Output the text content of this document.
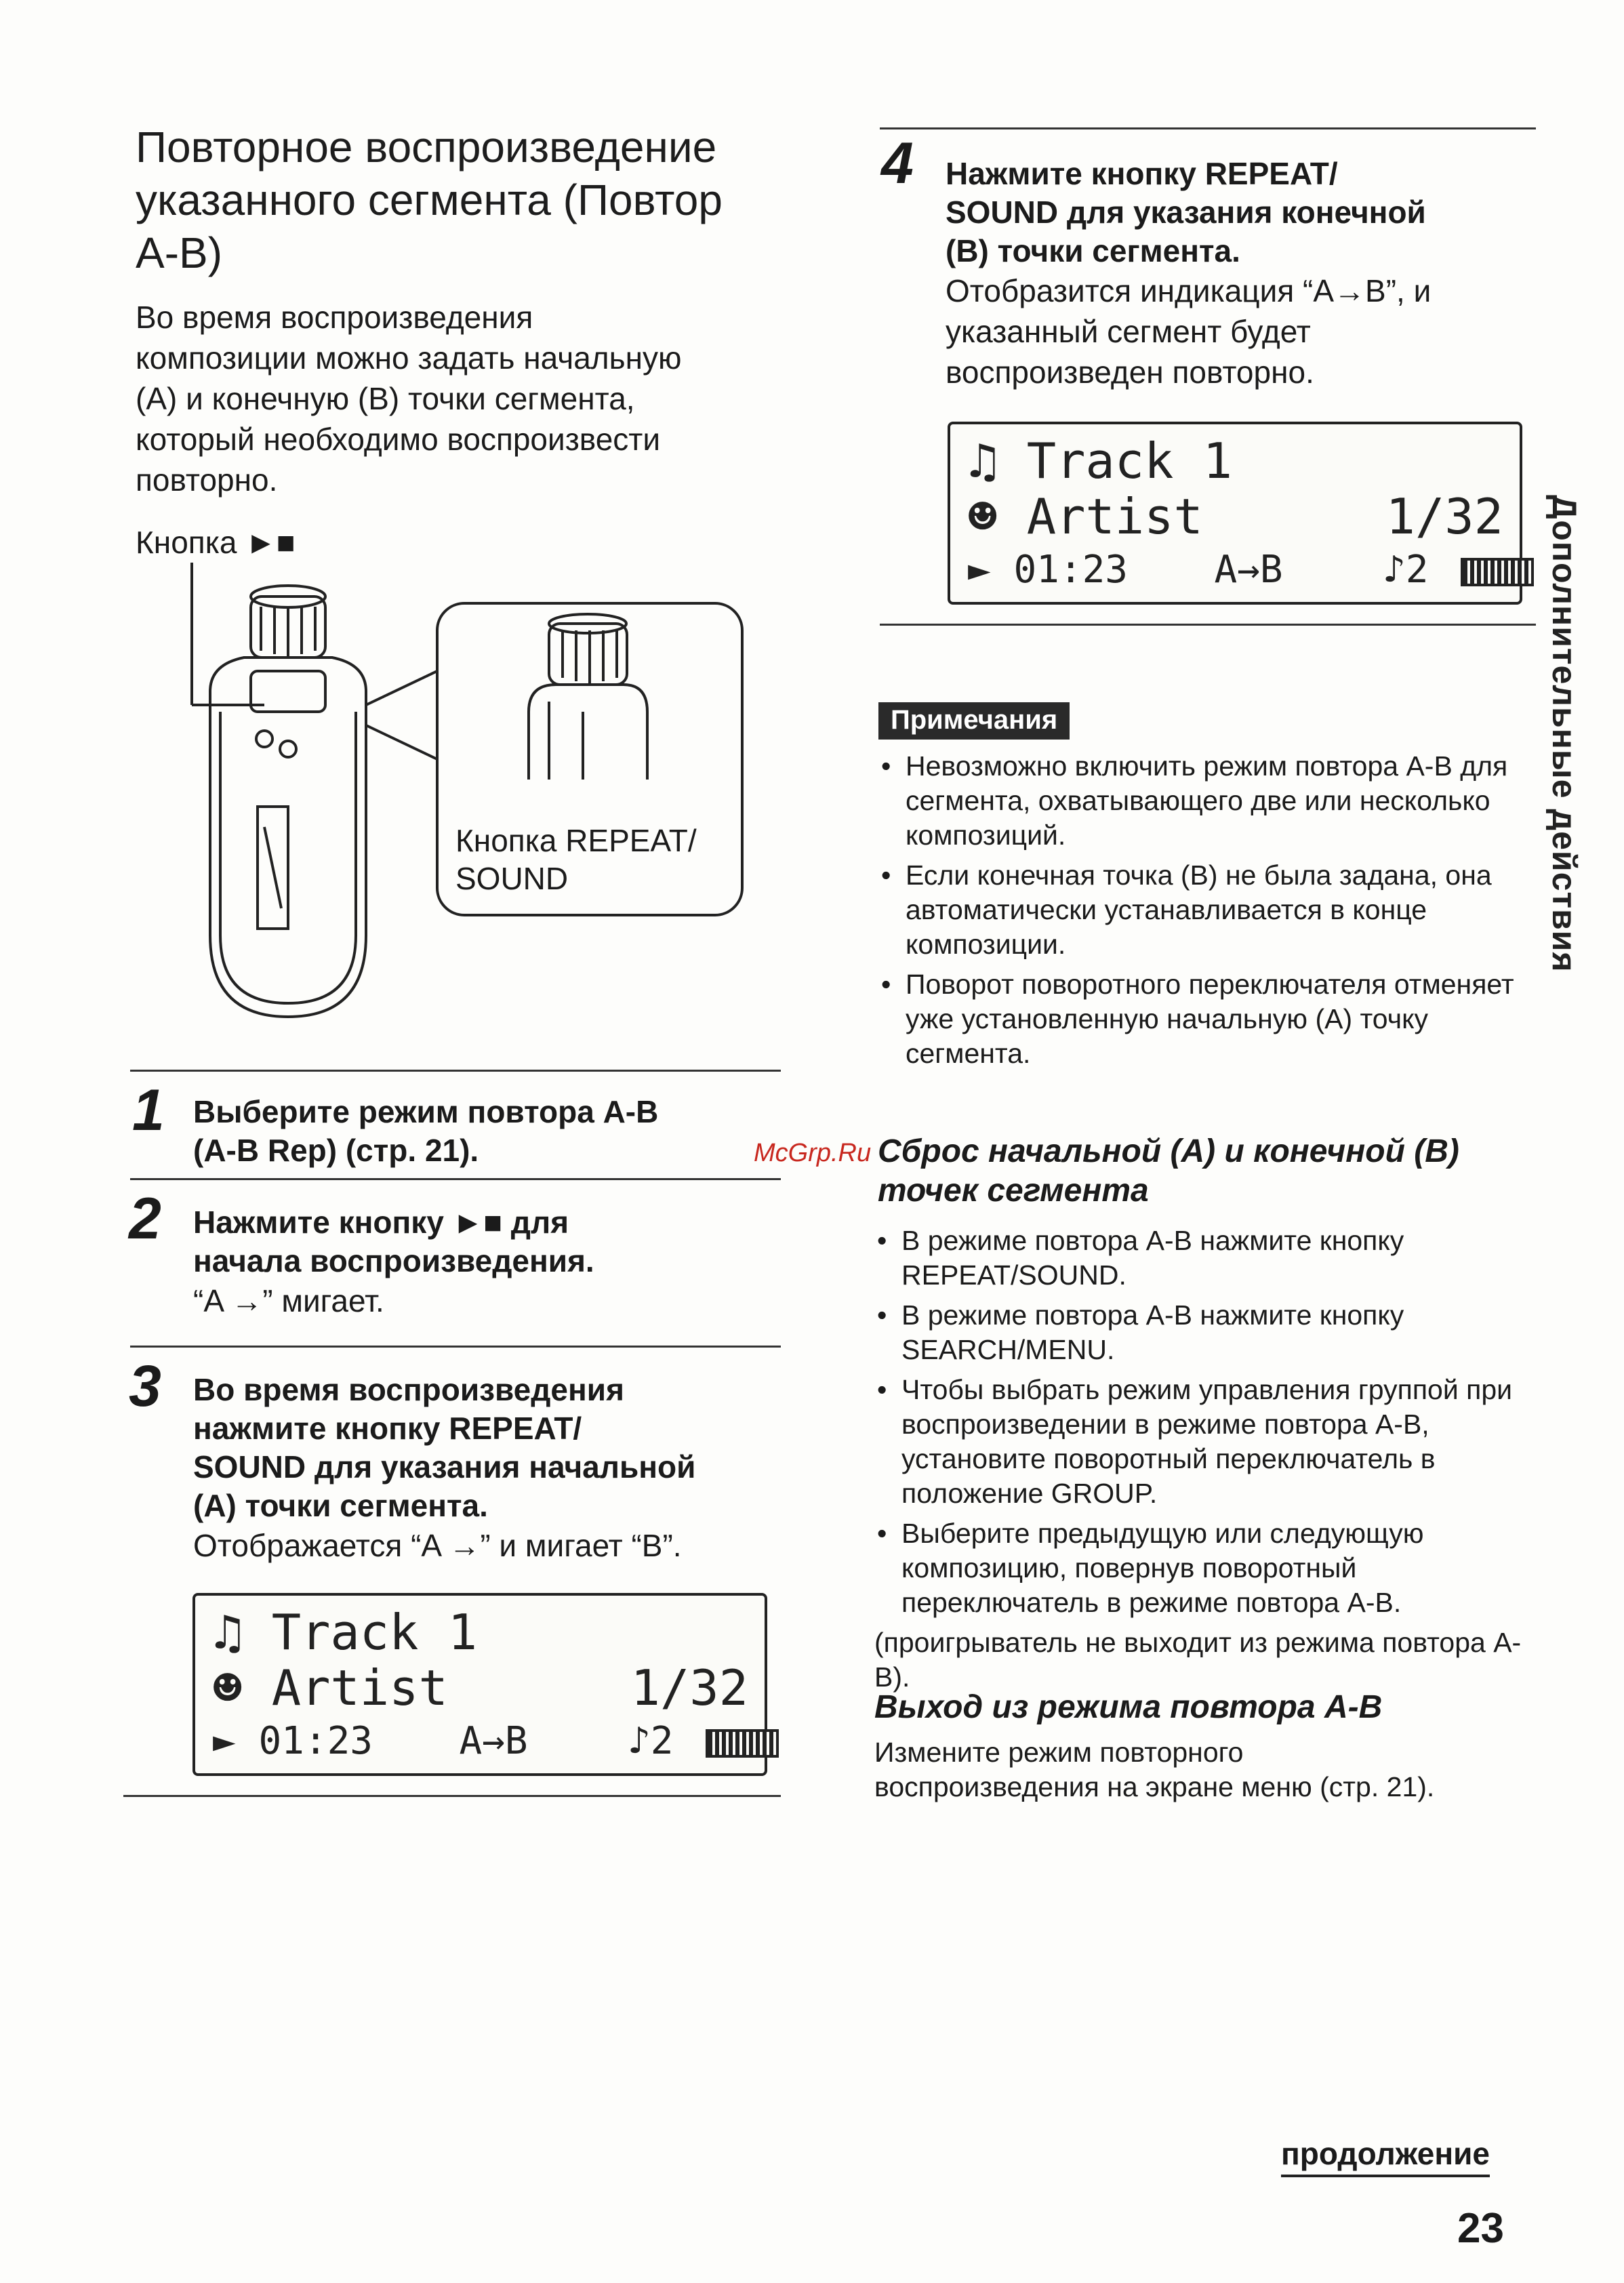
Повторное воспроизведение
указанного сегмента (Повтор
A-B)
Во время воспроизведения
композиции можно задать начальную
(A) и конечную (B) точки сегмента,
который необходимо воспроизвести
повторно.
Кнопка ►■
Кнопка REPEAT/
SOUND
1 Выберите режим повтора A-B
(A-B Rep) (стр. 21).
2 Нажмите кнопку ►■ для
начала воспроизведения.
“A →” мигает.
3 Во время воспроизведения
нажмите кнопку REPEAT/
SOUND для указания начальной
(A) точки сегмента.
Отображается “A →” и мигает “B”.
♫ Track 1
☻ Artist	1/32
► 01:23 A→B	♪2
4 Нажмите кнопку REPEAT/
SOUND для указания конечной
(B) точки сегмента.
Отобразится индикация “A→B”, и
указанный сегмент будет
воспроизведен повторно.
♫ Track 1
☻ Artist	1/32
► 01:23 A→B	♪2
Примечания
• Невозможно включить режим повтора A-B для сегмента, охватывающего две или несколько композиций.
• Если конечная точка (B) не была задана, она автоматически устанавливается в конце композиции.
• Поворот поворотного переключателя отменяет уже установленную начальную (A) точку сегмента.
McGrp.Ru Сброс начальной (A) и конечной (B)
точек сегмента
• В режиме повтора A-B нажмите кнопку REPEAT/SOUND.
• В режиме повтора A-B нажмите кнопку SEARCH/MENU.
• Чтобы выбрать режим управления группой при воспроизведении в режиме повтора A-B, установите поворотный переключатель в положение GROUP.
• Выберите предыдущую или следующую композицию, повернув поворотный переключатель в режиме повтора A-B.
(проигрыватель не выходит из режима повтора A-B).
Выход из режима повтора A-B
Измените режим повторного
воспроизведения на экране меню (стр. 21).
Дополнительные действия
продолжение
23
